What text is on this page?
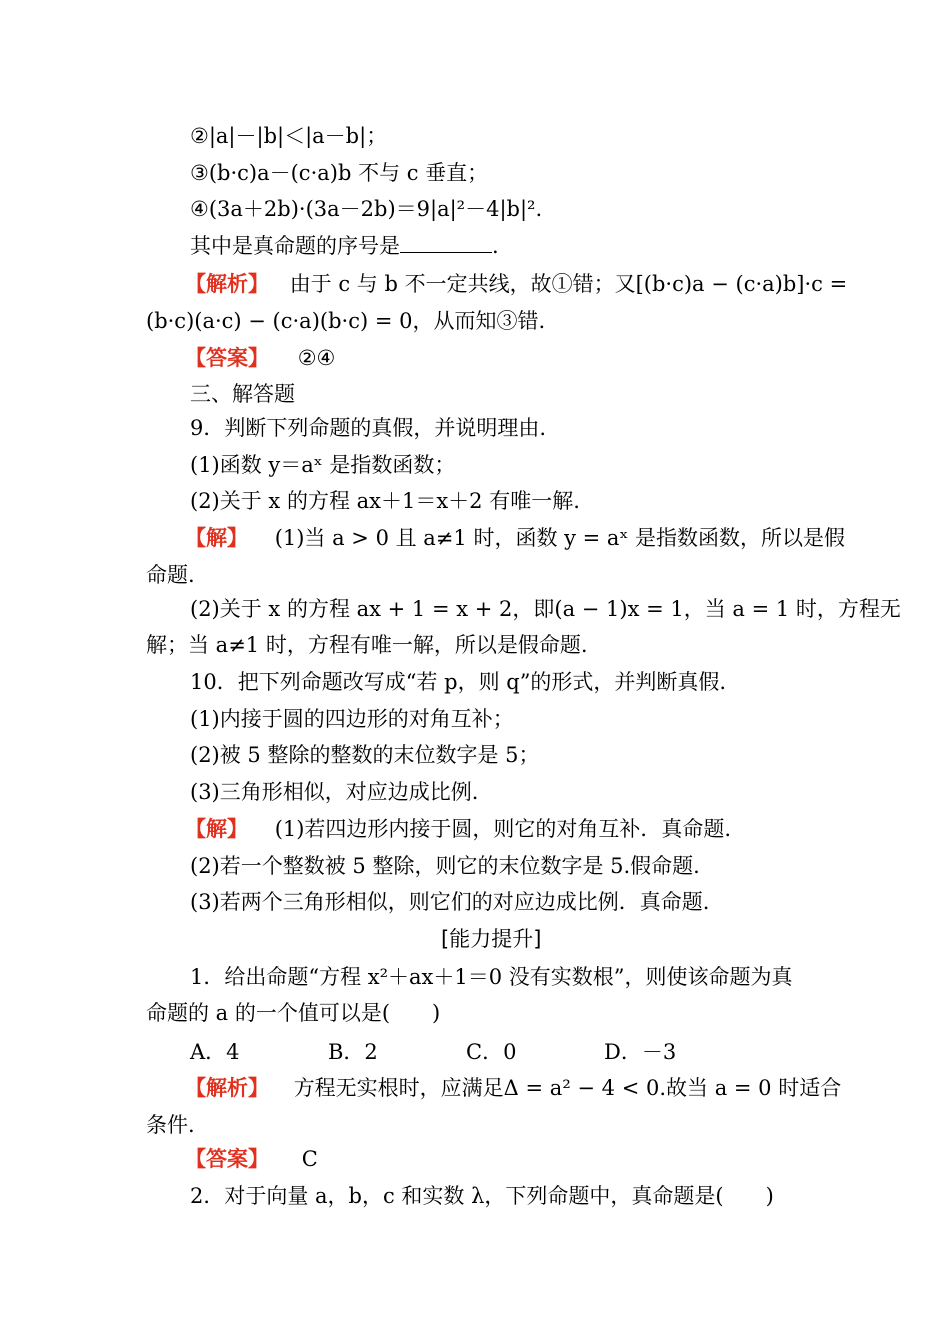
②|a|－|b|＜|a－b|；
③(b·c)a－(c·a)b 不与 c 垂直；
④(3a＋2b)·(3a－2b)＝9|a|²－4|b|².
其中是真命题的序号是	.
【解析】 由于 c 与 b 不一定共线，故①错；又[(b·c)a − (c·a)b]·c =
(b·c)(a·c) − (c·a)(b·c) = 0，从而知③错.
【答案】 ②④
三、解答题
9．判断下列命题的真假，并说明理由.
(1)函数 y＝aˣ 是指数函数；
(2)关于 x 的方程 ax＋1＝x＋2 有唯一解.
【解】 (1)当 a > 0 且 a≠1 时，函数 y = aˣ 是指数函数，所以是假
命题.
(2)关于 x 的方程 ax + 1 = x + 2，即(a − 1)x = 1，当 a = 1 时，方程无
解；当 a≠1 时，方程有唯一解，所以是假命题.
10．把下列命题改写成“若 p，则 q”的形式，并判断真假.
(1)内接于圆的四边形的对角互补；
(2)被 5 整除的整数的末位数字是 5；
(3)三角形相似，对应边成比例.
【解】 (1)若四边形内接于圆，则它的对角互补．真命题.
(2)若一个整数被 5 整除，则它的末位数字是 5.假命题.
(3)若两个三角形相似，则它们的对应边成比例．真命题.
[能力提升]
1．给出命题“方程 x²＋ax＋1＝0 没有实数根”，则使该命题为真
命题的 a 的一个值可以是(　　)
A．4	B．2	C．0	D．－3
【解析】 方程无实根时，应满足Δ = a² − 4 < 0.故当 a = 0 时适合
条件.
【答案】 C
2．对于向量 a，b，c 和实数 λ，下列命题中，真命题是(　　)
